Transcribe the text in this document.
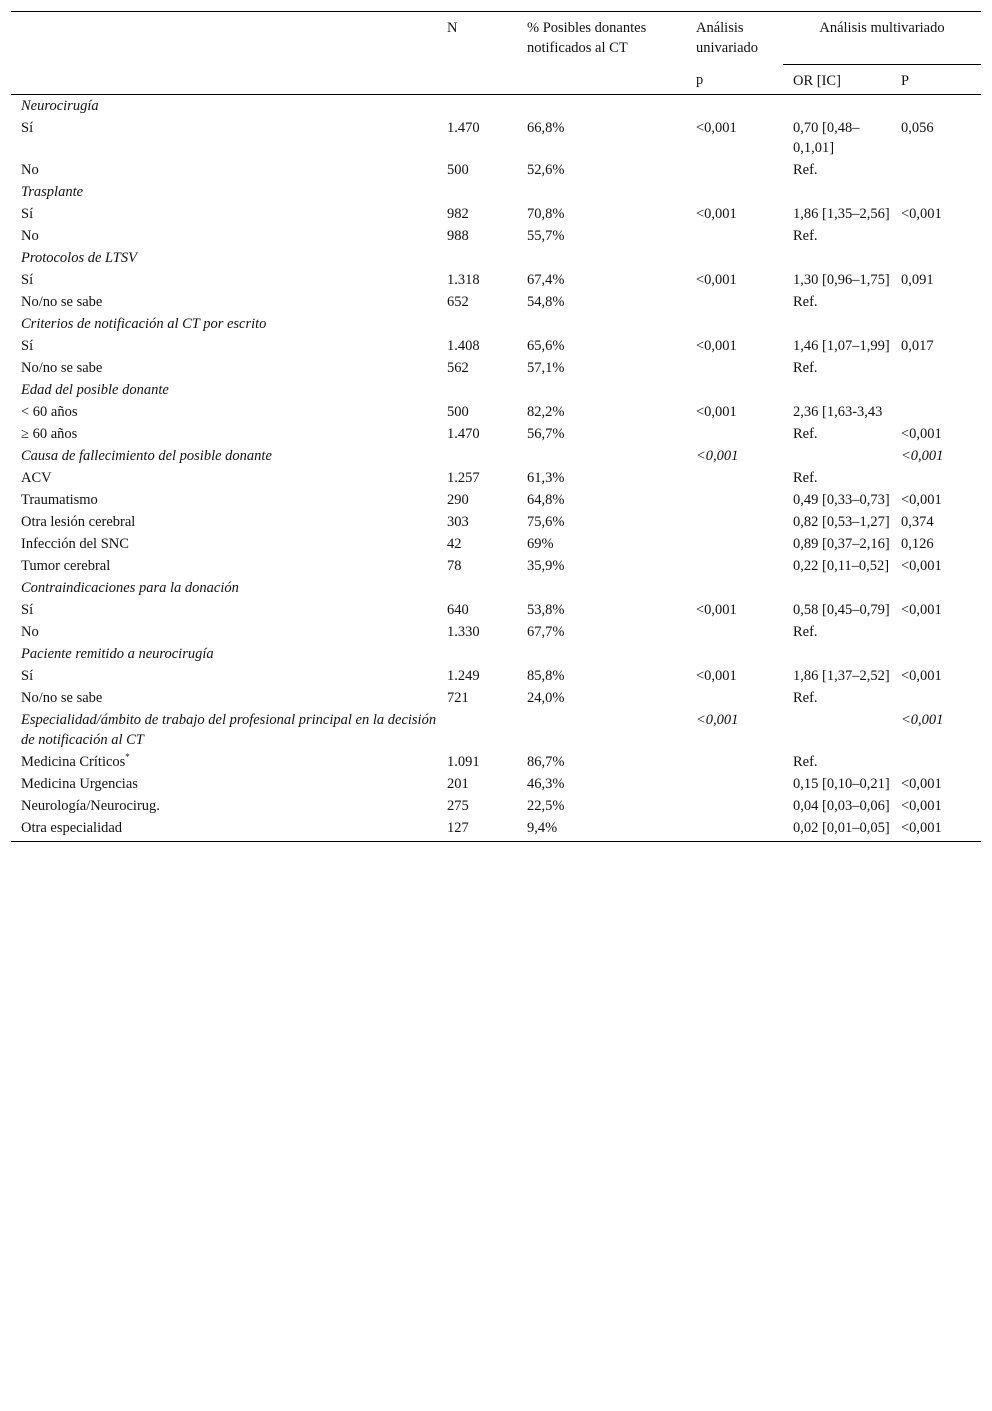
	N	% Posibles donantes notificados al CT	Análisis univariado	Análisis multivariado	
			p	OR [IC]	P
Neurocirugía					
Sí	1.470	66,8%	<0,001	0,70 [0,48–0,1,01]	0,056
No	500	52,6%		Ref.	
Trasplante					
Sí	982	70,8%	<0,001	1,86 [1,35–2,56]	<0,001
No	988	55,7%		Ref.	
Protocolos de LTSV					
Sí	1.318	67,4%	<0,001	1,30 [0,96–1,75]	0,091
No/no se sabe	652	54,8%		Ref.	
Criterios de notificación al CT por escrito					
Sí	1.408	65,6%	<0,001	1,46 [1,07–1,99]	0,017
No/no se sabe	562	57,1%		Ref.	
Edad del posible donante					
< 60 años	500	82,2%	<0,001	2,36 [1,63-3,43	
≥ 60 años	1.470	56,7%		Ref.	<0,001
Causa de fallecimiento del posible donante			<0,001		<0,001
ACV	1.257	61,3%		Ref.	
Traumatismo	290	64,8%		0,49 [0,33–0,73]	<0,001
Otra lesión cerebral	303	75,6%		0,82 [0,53–1,27]	0,374
Infección del SNC	42	69%		0,89 [0,37–2,16]	0,126
Tumor cerebral	78	35,9%		0,22 [0,11–0,52]	<0,001
Contraindicaciones para la donación					
Sí	640	53,8%	<0,001	0,58 [0,45–0,79]	<0,001
No	1.330	67,7%		Ref.	
Paciente remitido a neurocirugía					
Sí	1.249	85,8%	<0,001	1,86 [1,37–2,52]	<0,001
No/no se sabe	721	24,0%		Ref.	
Especialidad/ámbito de trabajo del profesional principal en la decisión de notificación al CT			<0,001		<0,001
Medicina Críticos*	1.091	86,7%		Ref.	
Medicina Urgencias	201	46,3%		0,15 [0,10–0,21]	<0,001
Neurología/Neurocirug.	275	22,5%		0,04 [0,03–0,06]	<0,001
Otra especialidad	127	9,4%		0,02 [0,01–0,05]	<0,001
